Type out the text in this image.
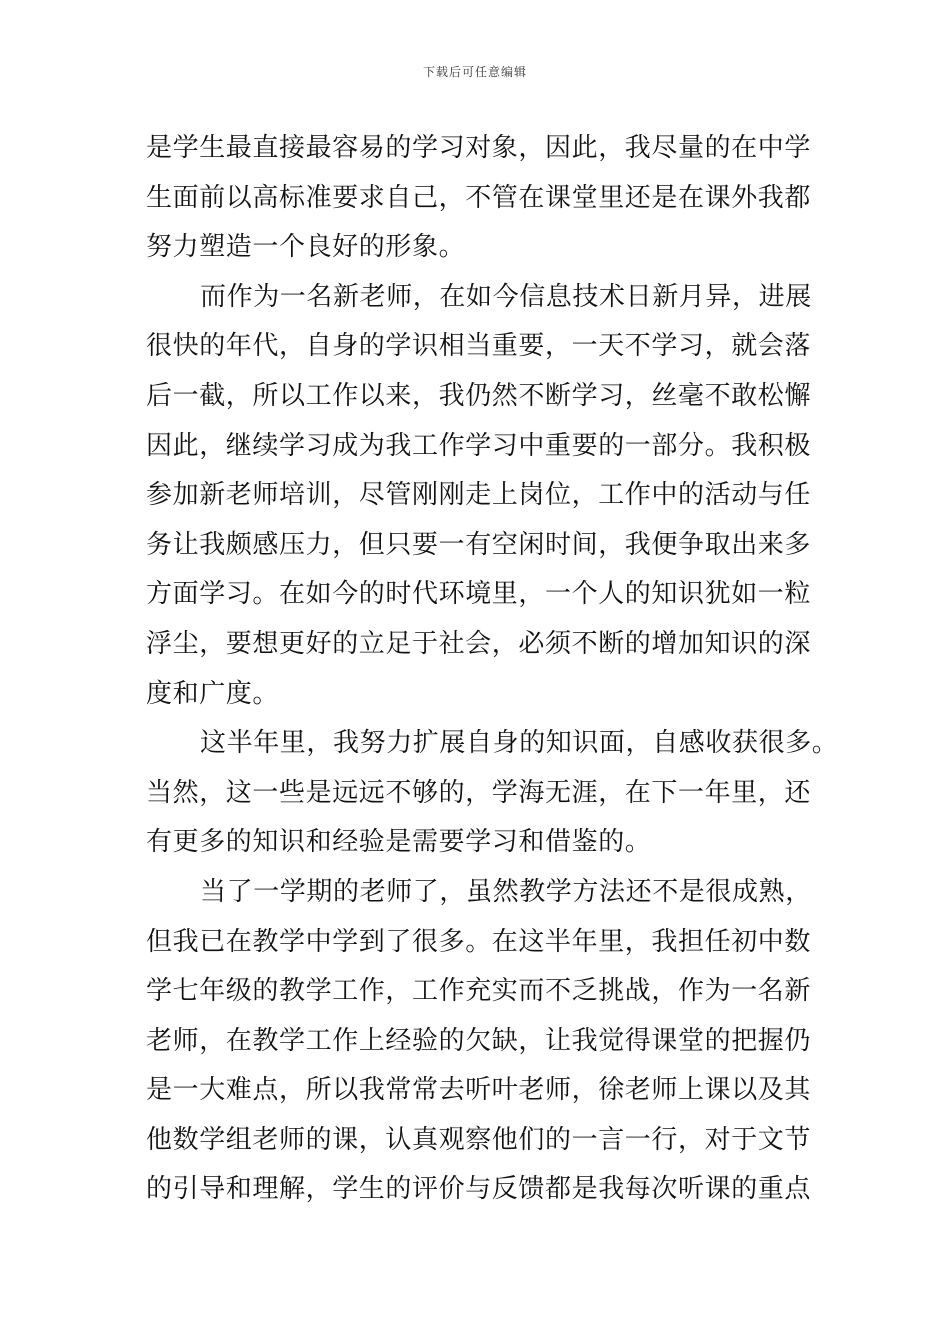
下载后可任意编辑
是学生最直接最容易的学习对象，因此，我尽量的在中学
生面前以高标准要求自己，不管在课堂里还是在课外我都
努力塑造一个良好的形象。
而作为一名新老师，在如今信息技术日新月异，进展
很快的年代，自身的学识相当重要，一天不学习，就会落
后一截，所以工作以来，我仍然不断学习，丝毫不敢松懈
因此，继续学习成为我工作学习中重要的一部分。我积极
参加新老师培训，尽管刚刚走上岗位，工作中的活动与任
务让我颇感压力，但只要一有空闲时间，我便争取出来多
方面学习。在如今的时代环境里，一个人的知识犹如一粒
浮尘，要想更好的立足于社会，必须不断的增加知识的深
度和广度。
这半年里，我努力扩展自身的知识面，自感收获很多。
当然，这一些是远远不够的，学海无涯，在下一年里，还
有更多的知识和经验是需要学习和借鉴的。
当了一学期的老师了，虽然教学方法还不是很成熟，
但我已在教学中学到了很多。在这半年里，我担任初中数
学七年级的教学工作，工作充实而不乏挑战，作为一名新
老师，在教学工作上经验的欠缺，让我觉得课堂的把握仍
是一大难点，所以我常常去听叶老师，徐老师上课以及其
他数学组老师的课，认真观察他们的一言一行，对于文节
的引导和理解，学生的评价与反馈都是我每次听课的重点
